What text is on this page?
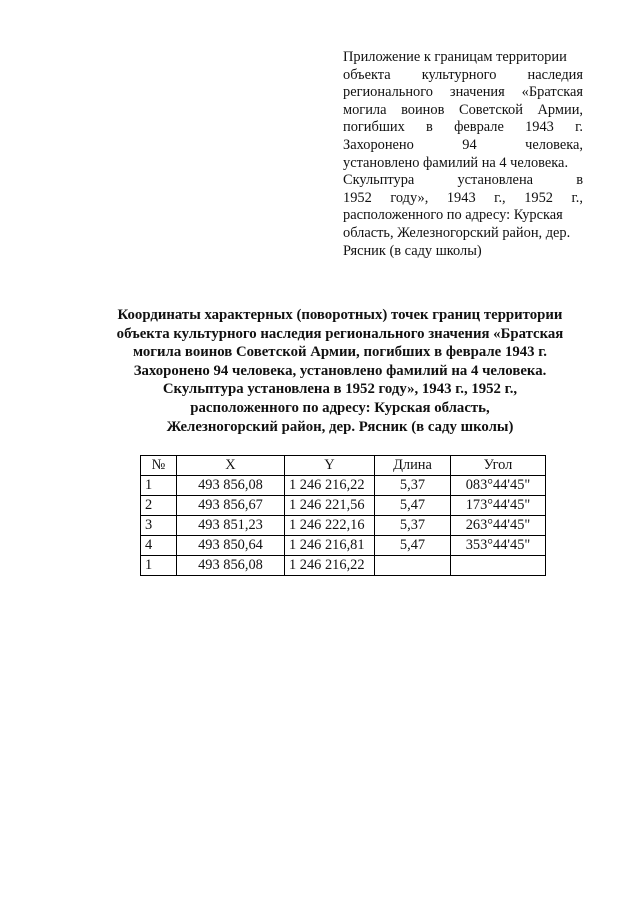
Приложение к границам территории
объекта культурного наследия
регионального значения «Братская
могила воинов Советской Армии,
погибших в феврале 1943 г.
Захоронено 94 человека,
установлено фамилий на 4 человека.
Скульптура установлена в
1952 году», 1943 г., 1952 г.,
расположенного по адресу: Курская
область, Железногорский район, дер.
Рясник (в саду школы)
Координаты характерных (поворотных) точек границ территории
объекта культурного наследия регионального значения «Братская
могила воинов Советской Армии, погибших в феврале 1943 г.
Захоронено 94 человека, установлено фамилий на 4 человека.
Скульптура установлена в 1952 году», 1943 г., 1952 г.,
расположенного по адресу: Курская область,
Железногорский район, дер. Рясник (в саду школы)
№	X	Y	Длина	Угол
1	493 856,08	1 246 216,22	5,37	083°44'45"
2	493 856,67	1 246 221,56	5,47	173°44'45"
3	493 851,23	1 246 222,16	5,37	263°44'45"
4	493 850,64	1 246 216,81	5,47	353°44'45"
1	493 856,08	1 246 216,22		
